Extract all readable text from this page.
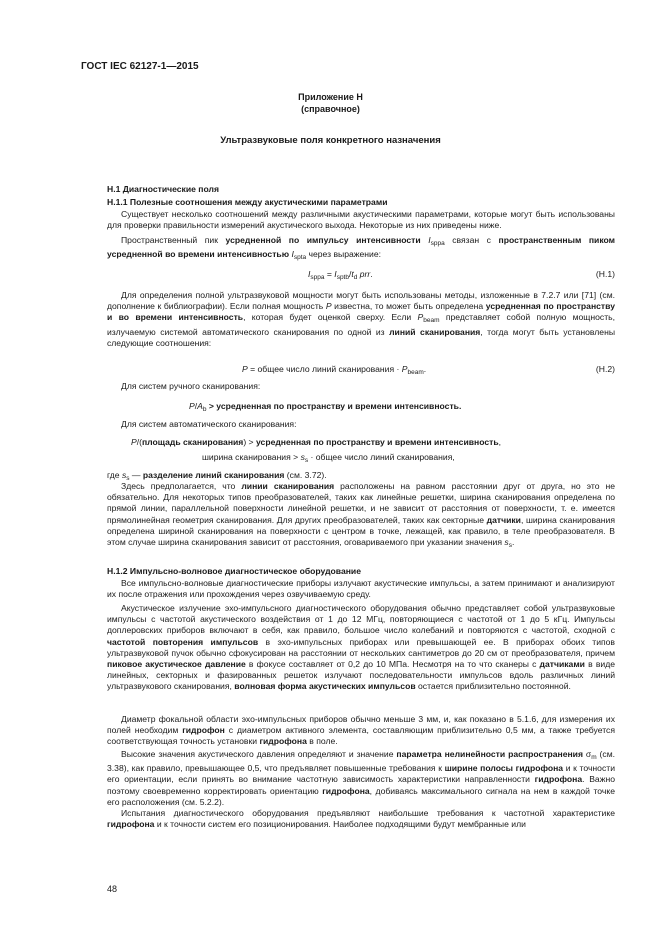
ГОСТ IEC 62127-1—2015
Приложение Н
(справочное)
Ультразвуковые поля конкретного назначения
Н.1 Диагностические поля
Н.1.1 Полезные соотношения между акустическими параметрами
Существует несколько соотношений между различными акустическими параметрами, которые могут быть использованы для проверки правильности измерений акустического выхода. Некоторые из них приведены ниже.
Пространственный пик усредненной по импульсу интенсивности $I_{sppa}$ связан с пространственным пиком усредненной во времени интенсивностью $I_{spta}$ через выражение:
$I_{sppa} = I_{sptb}/t_d$ prr.	(Н.1)
Для определения полной ультразвуковой мощности могут быть использованы методы, изложенные в 7.2.7 или [71] (см. дополнение к библиографии). Если полная мощность P известна, то может быть определена усредненная по пространству и во времени интенсивность, которая будет оценкой сверху. Если $P_{beam}$ представляет собой полную мощность, излучаемую системой автоматического сканирования по одной из линий сканирования, тогда могут быть установлены следующие соотношения:
P = общее число линий сканирования · $P_{beam}$.	(Н.2)
Для систем ручного сканирования:
$P/A_b$ > усредненная по пространству и времени интенсивность.
Для систем автоматического сканирования:
P/(площадь сканирования) > усредненная по пространству и времени интенсивность,
ширина сканирования > $s_s$ · общее число линий сканирования,
где $s_s$ — разделение линий сканирования (см. 3.72).
Здесь предполагается, что линии сканирования расположены на равном расстоянии друг от друга, но это не обязательно. Для некоторых типов преобразователей, таких как линейные решетки, ширина сканирования определена по прямой линии, параллельной поверхности линейной решетки, и не зависит от расстояния от поверхности, т. е. имеется прямолинейная геометрия сканирования. Для других преобразователей, таких как секторные датчики, ширина сканирования определена шириной сканирования на поверхности с центром в точке, лежащей, как правило, в теле преобразователя. В этом случае ширина сканирования зависит от расстояния, оговариваемого при указании значения $s_s$.
Н.1.2 Импульсно-волновое диагностическое оборудование
Все импульсно-волновые диагностические приборы излучают акустические импульсы, а затем принимают и анализируют их после отражения или прохождения через озвучиваемую среду.
Акустическое излучение эхо-импульсного диагностического оборудования обычно представляет собой ультразвуковые импульсы с частотой акустического воздействия от 1 до 12 МГц, повторяющиеся с частотой от 1 до 5 кГц. Импульсы доплеровских приборов включают в себя, как правило, большое число колебаний и повторяются с частотой, сходной с частотой повторения импульсов в эхо-импульсных приборах или превышающей ее. В приборах обоих типов ультразвуковой пучок обычно сфокусирован на расстоянии от нескольких сантиметров до 20 см от преобразователя, причем пиковое акустическое давление в фокусе составляет от 0,2 до 10 МПа. Несмотря на то что сканеры с датчиками в виде линейных, секторных и фазированных решеток излучают последовательности импульсов вдоль различных линий ультразвукового сканирования, волновая форма акустических импульсов остается приблизительно постоянной.
Диаметр фокальной области эхо-импульсных приборов обычно меньше 3 мм, и, как показано в 5.1.6, для измерения их полей необходим гидрофон с диаметром активного элемента, составляющим приблизительно 0,5 мм, а также требуется соответствующая точность установки гидрофона в поле.
Высокие значения акустического давления определяют и значение параметра нелинейности распространения $\sigma_m$ (см. 3.38), как правило, превышающее 0,5, что предъявляет повышенные требования к ширине полосы гидрофона и к точности его ориентации, если принять во внимание частотную зависимость характеристики направленности гидрофона. Важно поэтому своевременно корректировать ориентацию гидрофона, добиваясь максимального сигнала на нем в каждой точке его расположения (см. 5.2.2).
Испытания диагностического оборудования предъявляют наибольшие требования к частотной характеристике гидрофона и к точности систем его позиционирования. Наиболее подходящими будут мембранные или
48
